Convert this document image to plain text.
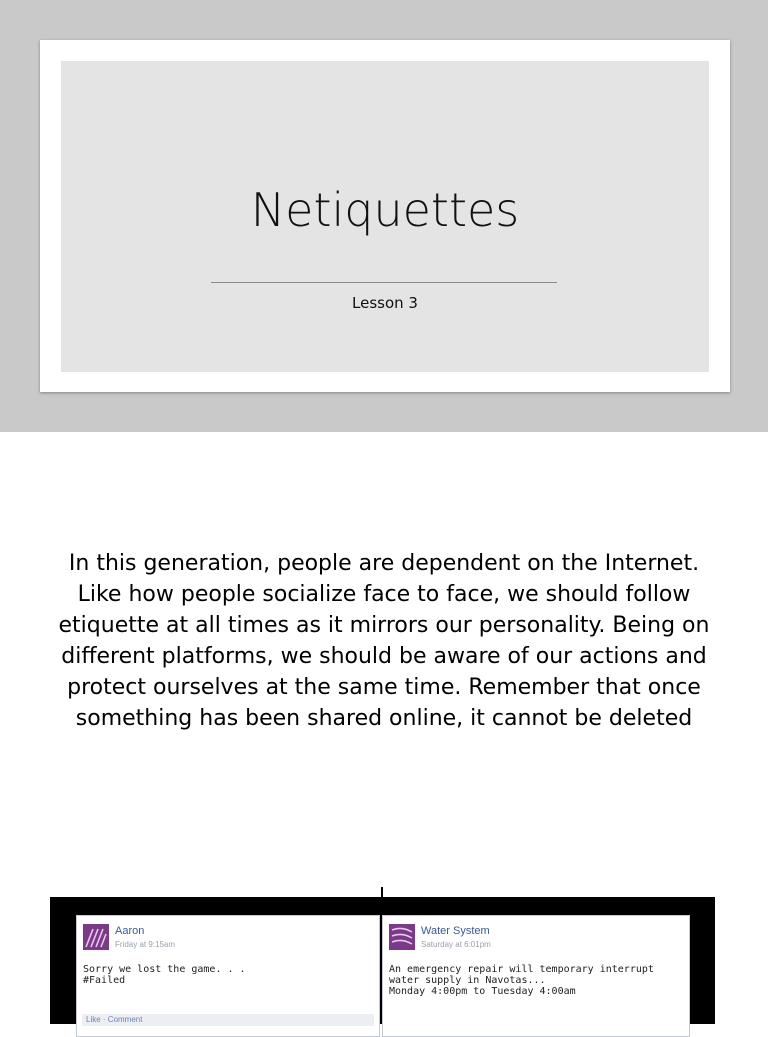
Netiquettes
Lesson 3
In this generation, people are dependent on the Internet. Like how people socialize face to face, we should follow etiquette at all times as it mirrors our personality. Being on different platforms, we should be aware of our actions and protect ourselves at the same time. Remember that once something has been shared online, it cannot be deleted
Aaron
Friday at 9:15am
Sorry we lost the game. . .
#Failed
Like · Comment
Water System
Saturday at 6:01pm
An emergency repair will temporary interrupt water supply in Navotas...
Monday 4:00pm to Tuesday 4:00am
